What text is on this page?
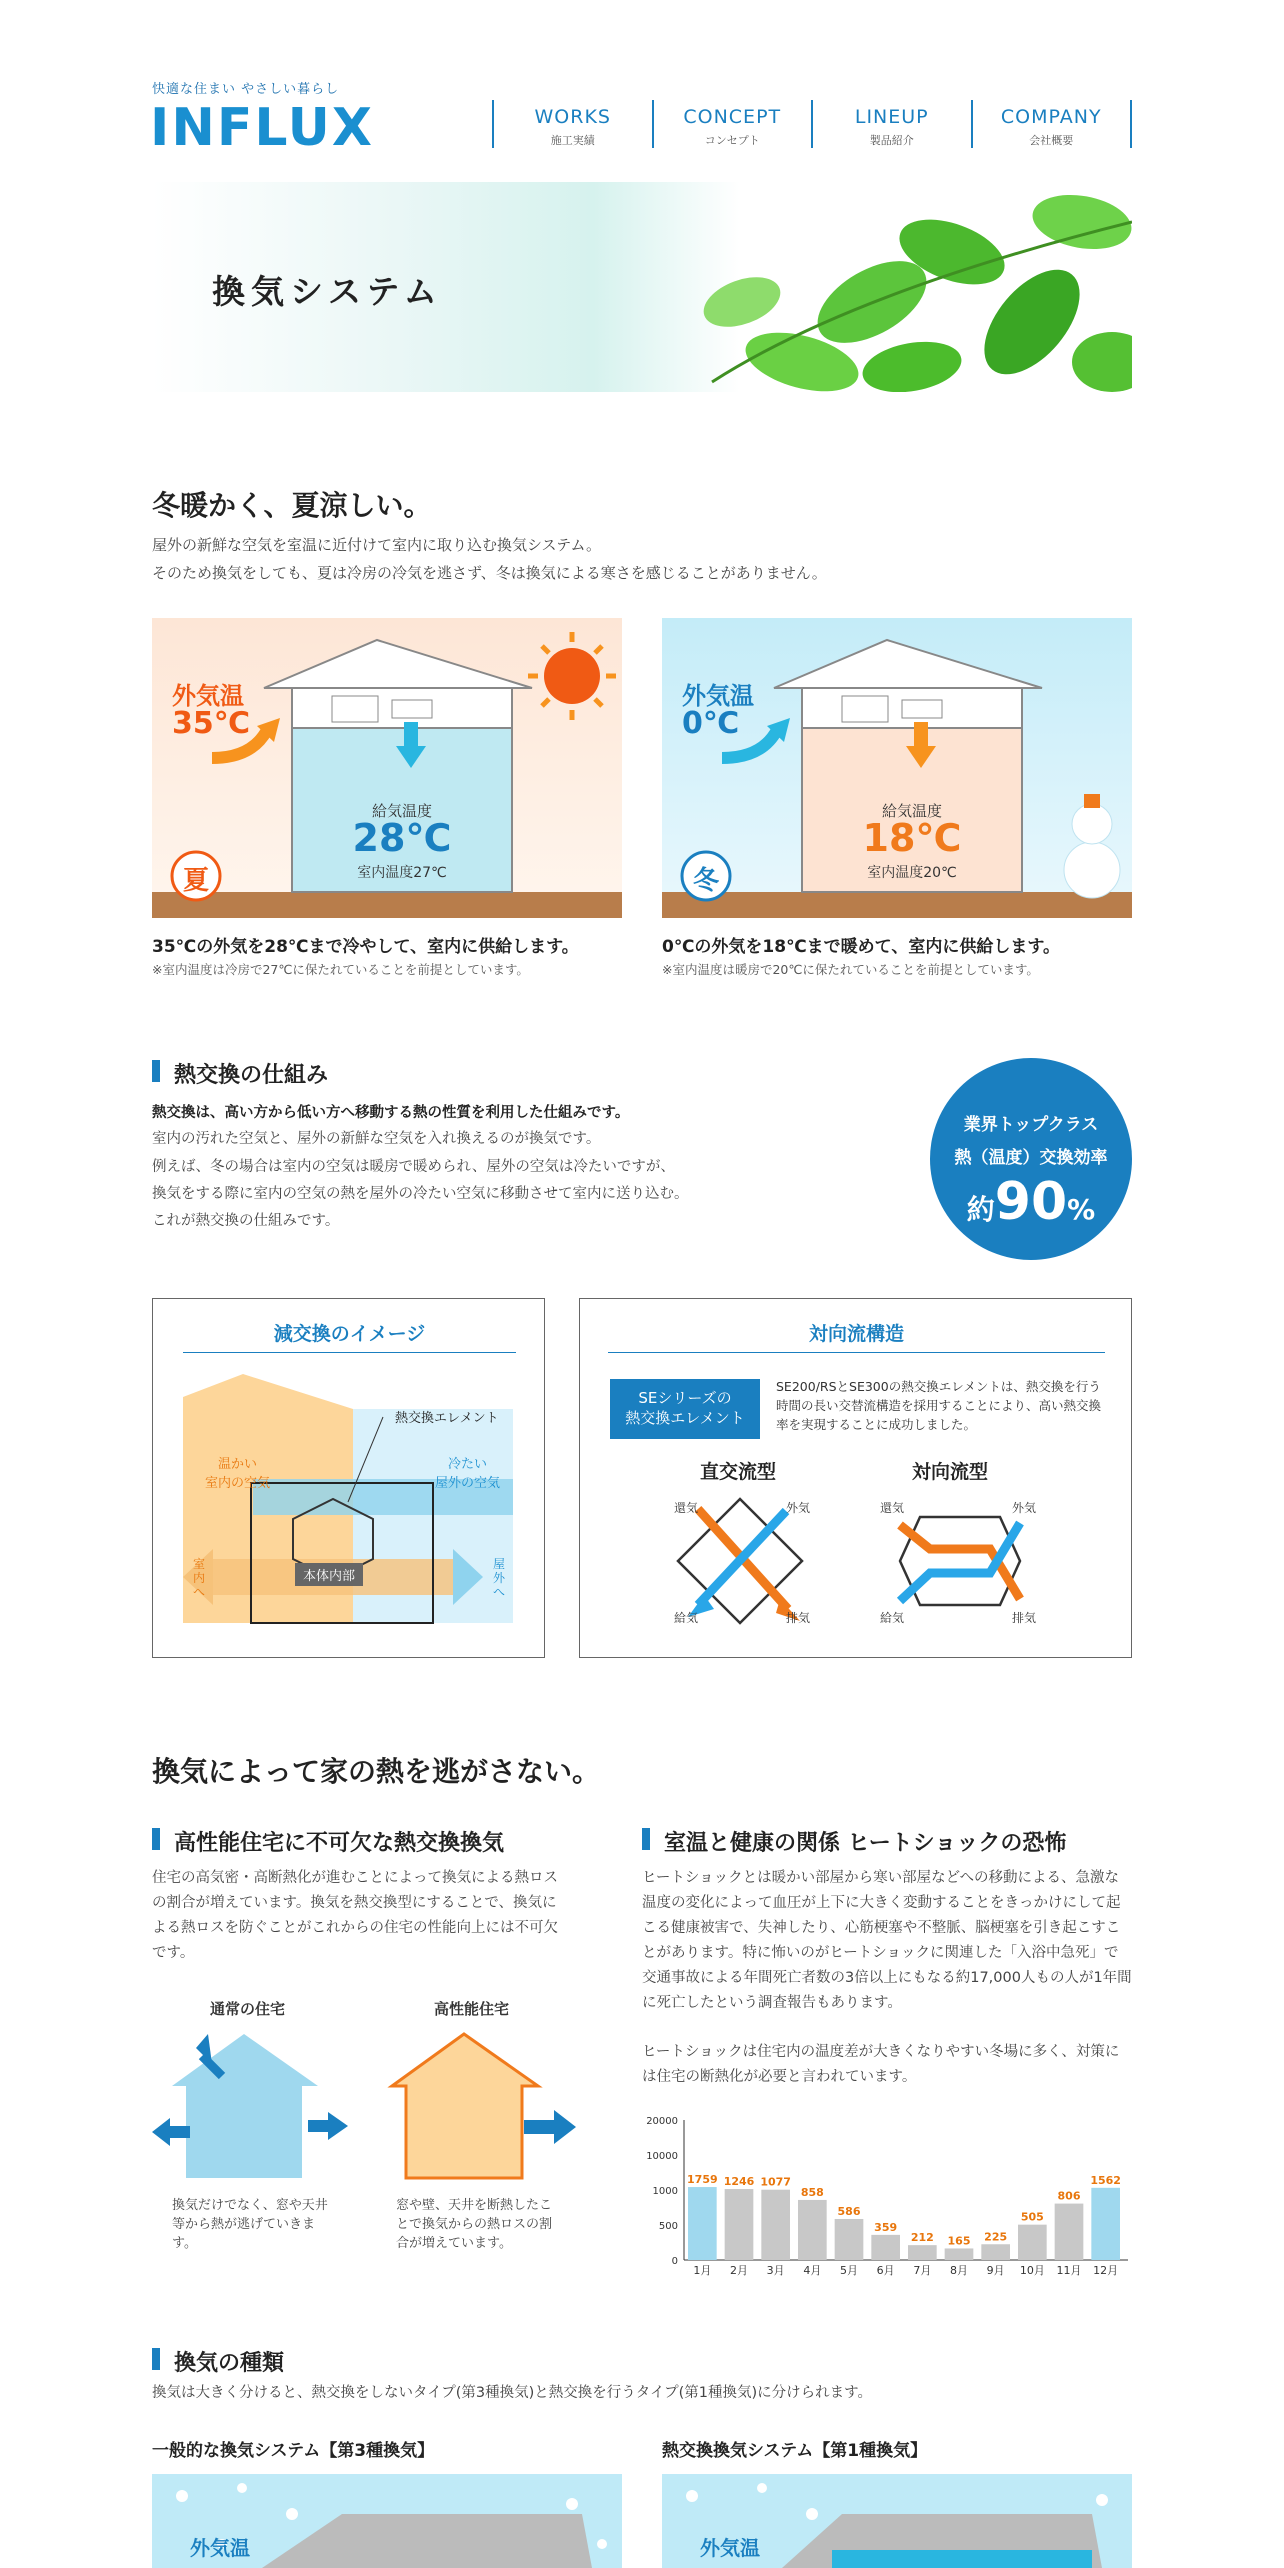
快適な住まい やさしい暮らし
INFLUX	WORKS
施工実績
CONCEPT
コンセプト
LINEUP
製品紹介
COMPANY
会社概要
換気システム
冬暖かく、夏涼しい。
屋外の新鮮な空気を室温に近付けて室内に取り込む換気システム。
そのため換気をしても、夏は冷房の冷気を逃さず、冬は換気による寒さを感じることがありません。
外気温
35℃
給気温度
28℃
室内温度27℃
夏
35℃の外気を28℃まで冷やして、室内に供給します。
※室内温度は冷房で27℃に保たれていることを前提としています。
外気温
0℃
給気温度
18℃
室内温度20℃
冬
0℃の外気を18℃まで暖めて、室内に供給します。
※室内温度は暖房で20℃に保たれていることを前提としています。
熱交換の仕組み
熱交換は、高い方から低い方へ移動する熱の性質を利用した仕組みです。
室内の汚れた空気と、屋外の新鮮な空気を入れ換えるのが換気です。
例えば、冬の場合は室内の空気は暖房で暖められ、屋外の空気は冷たいですが、
換気をする際に室内の空気の熱を屋外の冷たい空気に移動させて室内に送り込む。
これが熱交換の仕組みです。
業界トップクラス
熱（温度）交換効率
約90%
減交換のイメージ
熱交換エレメント
温かい
室内の空気
冷たい
屋外の空気
本体内部
室内へ
屋外へ
対向流構造
SEシリーズの
熱交換エレメント
SE200/RSとSE300の熱交換エレメントは、熱交換を行う時間の長い交替流構造を採用することにより、高い熱交換率を実現することに成功しました。
直交流型	対向流型
還気	外気
給気	排気
還気	外気
給気	排気
換気によって家の熱を逃がさない。
高性能住宅に不可欠な熱交換換気
住宅の高気密・高断熱化が進むことによって換気による熱ロスの割合が増えています。換気を熱交換型にすることで、換気による熱ロスを防ぐことがこれからの住宅の性能向上には不可欠です。
通常の住宅	高性能住宅
換気だけでなく、窓や天井等から熱が逃げていきます。
窓や壁、天井を断熱したことで換気からの熱ロスの割合が増えています。
室温と健康の関係 ヒートショックの恐怖
ヒートショックとは暖かい部屋から寒い部屋などへの移動による、急激な温度の変化によって血圧が上下に大きく変動することをきっかけにして起こる健康被害で、失神したり、心筋梗塞や不整脈、脳梗塞を引き起こすことがあります。特に怖いのがヒートショックに関連した「入浴中急死」で交通事故による年間死亡者数の3倍以上にもなる約17,000人もの人が1年間に死亡したという調査報告もあります。
ヒートショックは住宅内の温度差が大きくなりやすい冬場に多く、対策には住宅の断熱化が必要と言われています。
0
500
1000
10000
20000
1759
1月
1246
2月
1077
3月
858
4月
586
5月
359
6月
212
7月
165
8月
225
9月
505
10月
806
11月
1562
12月
換気の種類
換気は大きく分けると、熱交換をしないタイプ(第3種換気)と熱交換を行うタイプ(第1種換気)に分けられます。
一般的な換気システム【第3種換気】	熱交換換気システム【第1種換気】
外気温	外気温
